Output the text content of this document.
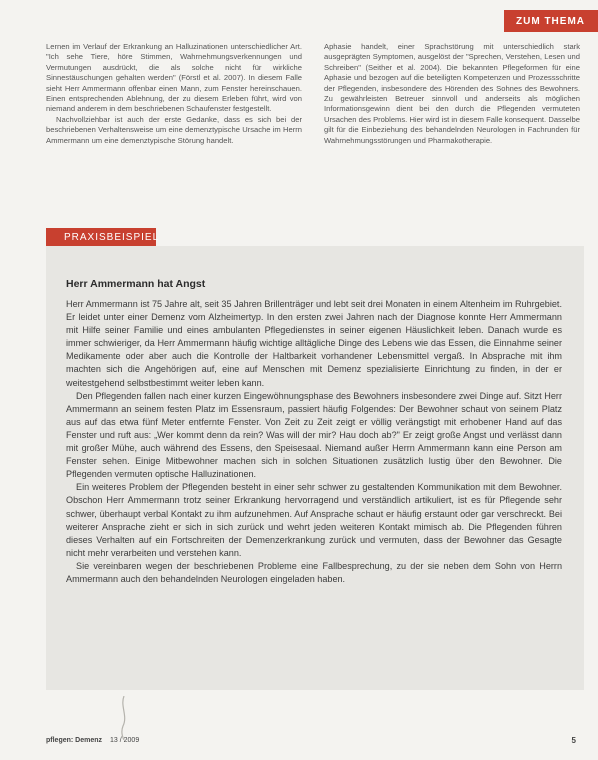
ZUM THEMA

Lernen im Verlauf der Erkrankung an Halluzinationen unterschiedlicher Art. "Ich sehe Tiere, höre Stimmen, Wahrnehmungsverkennungen und Vermutungen ausdrückt, die als solche nicht für wirkliche Sinnestäuschungen gehalten werden" (Förstl et al. 2007). In diesem Falle sieht Herr Ammermann offenbar einen Mann, zum Fenster hereinschauen. Einen entsprechenden Ablehnung, der zu diesem Erleben führt, wird von niemand anderem in dem beschriebenen Schaufenster festgestellt.

Nachvollziehbar ist auch der erste Gedanke, dass es sich bei der beschriebenen Verhaltensweise um eine demenztypische Ursache im Herrn Ammermann um eine demenztypische Störung handelt.

Aphasie handelt, einer Sprachstörung mit unterschiedlich stark ausgeprägten Symptomen, ausgelöst der "Sprechen, Verstehen, Lesen und Schreiben" (Seither et al. 2004). Die bekannten Pflegeformen für eine Aphasie und bezogen auf die beteiligten Kompetenzen und Prozessschritte der Pflegenden, insbesondere des Hörenden des Sohnes des Bewohners. Zu gewährleisten Betreuer sinnvoll und anderseits als möglichen Informationsgewinn dient bei den durch die Pflegenden vermuteten Ursachen des Problems. Hier wird ist in diesem Falle konsequent. Dasselbe gilt für die Einbeziehung des behandelnden Neurologen in Fachrunden für Wahrnehmungsstörungen und Pharmakotherapie.

PRAXISBEISPIEL
Herr Ammermann hat Angst

Herr Ammermann ist 75 Jahre alt, seit 35 Jahren Brillenträger und lebt seit drei Monaten in einem Altenheim im Ruhrgebiet. Er leidet unter einer Demenz vom Alzheimertyp. In den ersten zwei Jahren nach der Diagnose konnte Herr Ammermann mit Hilfe seiner Familie und eines ambulanten Pflegedienstes in seiner eigenen Häuslichkeit leben. Danach wurde es immer schwieriger, da Herr Ammermann häufig wichtige alltägliche Dinge des Lebens wie das Essen, die Einnahme seiner Medikamente oder aber auch die Kontrolle der Haltbarkeit vorhandener Lebensmittel vergaß. In Absprache mit ihm machten sich die Angehörigen auf, eine auf Menschen mit Demenz spezialisierte Einrichtung zu finden, in der er weitestgehend selbstbestimmt weiter leben kann.

Den Pflegenden fallen nach einer kurzen Eingewöhnungsphase des Bewohners insbesondere zwei Dinge auf. Sitzt Herr Ammermann an seinem festen Platz im Essensraum, passiert häufig Folgendes: Der Bewohner schaut von seinem Platz aus auf das etwa fünf Meter entfernte Fenster. Von Zeit zu Zeit zeigt er völlig verängstigt mit erhobener Hand auf das Fenster und ruft aus: „Wer kommt denn da rein? Was will der mir? Hau doch ab?" Er zeigt große Angst und verlässt dann mit großer Mühe, auch während des Essens, den Speisesaal. Niemand außer Herrn Ammermann kann eine Person am Fenster sehen. Einige Mitbewohner machen sich in solchen Situationen zusätzlich lustig über den Bewohner. Die Pflegenden vermuten optische Halluzinationen.

Ein weiteres Problem der Pflegenden besteht in einer sehr schwer zu gestaltenden Kommunikation mit dem Bewohner. Obschon Herr Ammermann trotz seiner Erkrankung hervorragend und verständlich artikuliert, ist es für Pflegende sehr schwer, überhaupt verbal Kontakt zu ihm aufzunehmen. Auf Ansprache schaut er häufig erstaunt oder gar verschreckt. Bei weiterer Ansprache zieht er sich in sich zurück und wehrt jeden weiteren Kontakt mimisch ab. Die Pflegenden führen dieses Verhalten auf ein Fortschreiten der Demenzerkrankung zurück und vermuten, dass der Bewohner das Gesagte nicht mehr verarbeiten und verstehen kann.

Sie vereinbaren wegen der beschriebenen Probleme eine Fallbesprechung, zu der sie neben dem Sohn von Herrn Ammermann auch den behandelnden Neurologen eingeladen haben.

pflegen: Demenz 13 / 2009	5
